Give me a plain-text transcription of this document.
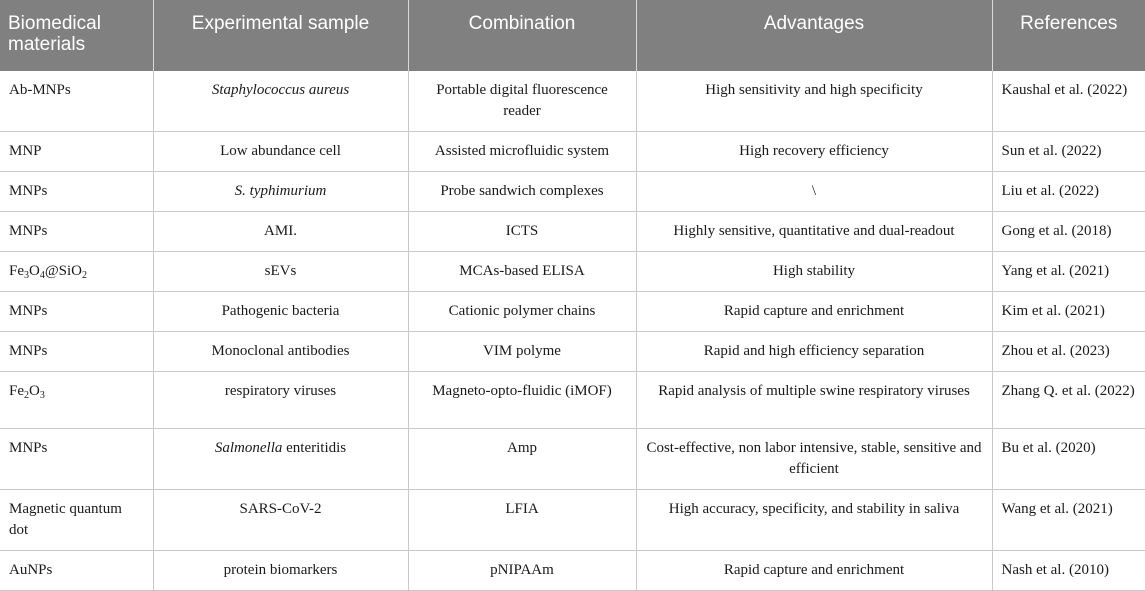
Biomedical materials	Experimental sample	Combination	Advantages	References
Ab-MNPs	Staphylococcus aureus	Portable digital fluorescence reader	High sensitivity and high specificity	Kaushal et al. (2022)
MNP	Low abundance cell	Assisted microfluidic system	High recovery efficiency	Sun et al. (2022)
MNPs	S. typhimurium	Probe sandwich complexes	\	Liu et al. (2022)
MNPs	AMI.	ICTS	Highly sensitive, quantitative and dual-readout	Gong et al. (2018)
$Fe_3O_4@SiO_2$	sEVs	MCAs-based ELISA	High stability	Yang et al. (2021)
MNPs	Pathogenic bacteria	Cationic polymer chains	Rapid capture and enrichment	Kim et al. (2021)
MNPs	Monoclonal antibodies	VIM polyme	Rapid and high efficiency separation	Zhou et al. (2023)
$Fe_2O_3$	respiratory viruses	Magneto-opto-fluidic (iMOF)	Rapid analysis of multiple swine respiratory viruses	Zhang Q. et al. (2022)
MNPs	Salmonella enteritidis	Amp	Cost-effective, non labor intensive, stable, sensitive and efficient	Bu et al. (2020)
Magnetic quantum dot	SARS-CoV-2	LFIA	High accuracy, specificity, and stability in saliva	Wang et al. (2021)
AuNPs	protein biomarkers	pNIPAAm	Rapid capture and enrichment	Nash et al. (2010)
